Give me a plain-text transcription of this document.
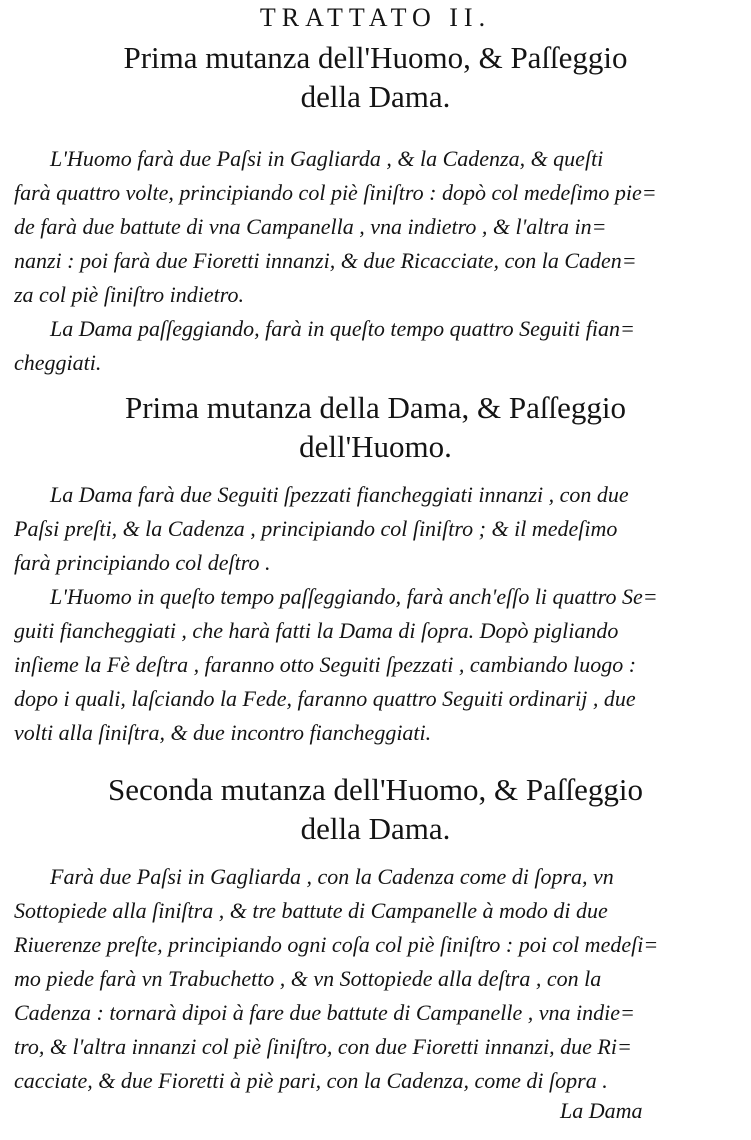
TRATTATO II.
Prima mutanza dell'Huomo, & Paſſeggio
della Dama.
L'Huomo farà due Paſsi in Gagliarda , & la Cadenza, & queſti
farà quattro volte, principiando col piè ſiniſtro : dopò col medeſimo pie=
de farà due battute di vna Campanella , vna indietro , & l'altra in=
nanzi : poi farà due Fioretti innanzi, & due Ricacciate, con la Caden=
za col piè ſiniſtro indietro.
La Dama paſſeggiando, farà in queſto tempo quattro Seguiti fian=
cheggiati.
Prima mutanza della Dama, & Paſſeggio
dell'Huomo.
La Dama farà due Seguiti ſpezzati fiancheggiati innanzi , con due
Paſsi preſti, & la Cadenza , principiando col ſiniſtro ; & il medeſimo
farà principiando col deſtro .
L'Huomo in queſto tempo paſſeggiando, farà anch'eſſo li quattro Se=
guiti fiancheggiati , che harà fatti la Dama di ſopra. Dopò pigliando
inſieme la Fè deſtra , faranno otto Seguiti ſpezzati , cambiando luogo :
dopo i quali, laſciando la Fede, faranno quattro Seguiti ordinarij , due
volti alla ſiniſtra, & due incontro fiancheggiati.
Seconda mutanza dell'Huomo, & Paſſeggio
della Dama.
Farà due Paſsi in Gagliarda , con la Cadenza come di ſopra, vn
Sottopiede alla ſiniſtra , & tre battute di Campanelle à modo di due
Riuerenze preſte, principiando ogni coſa col piè ſiniſtro : poi col medeſi=
mo piede farà vn Trabuchetto , & vn Sottopiede alla deſtra , con la
Cadenza : tornarà dipoi à fare due battute di Campanelle , vna indie=
tro, & l'altra innanzi col piè ſiniſtro, con due Fioretti innanzi, due Ri=
cacciate, & due Fioretti à piè pari, con la Cadenza, come di ſopra .
La Dama
